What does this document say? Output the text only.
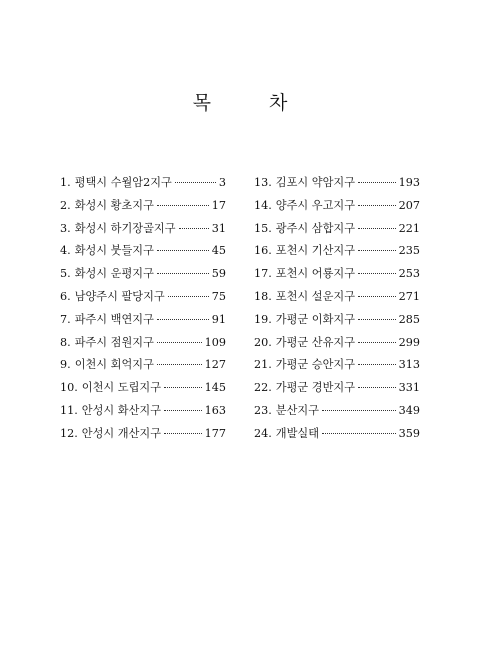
목	차
1. 평택시 수월암2지구	3
2. 화성시 황초지구	17
3. 화성시 하기장골지구	31
4. 화성시 붓들지구	45
5. 화성시 운평지구	59
6. 남양주시 팔당지구	75
7. 파주시 백연지구	91
8. 파주시 점원지구	109
9. 이천시 회억지구	127
10. 이천시 도립지구	145
11. 안성시 화산지구	163
12. 안성시 개산지구	177
13. 김포시 약암지구	193
14. 양주시 우고지구	207
15. 광주시 삼합지구	221
16. 포천시 기산지구	235
17. 포천시 어룡지구	253
18. 포천시 설운지구	271
19. 가평군 이화지구	285
20. 가평군 산유지구	299
21. 가평군 승안지구	313
22. 가평군 경반지구	331
23. 분산지구	349
24. 개발실태	359
